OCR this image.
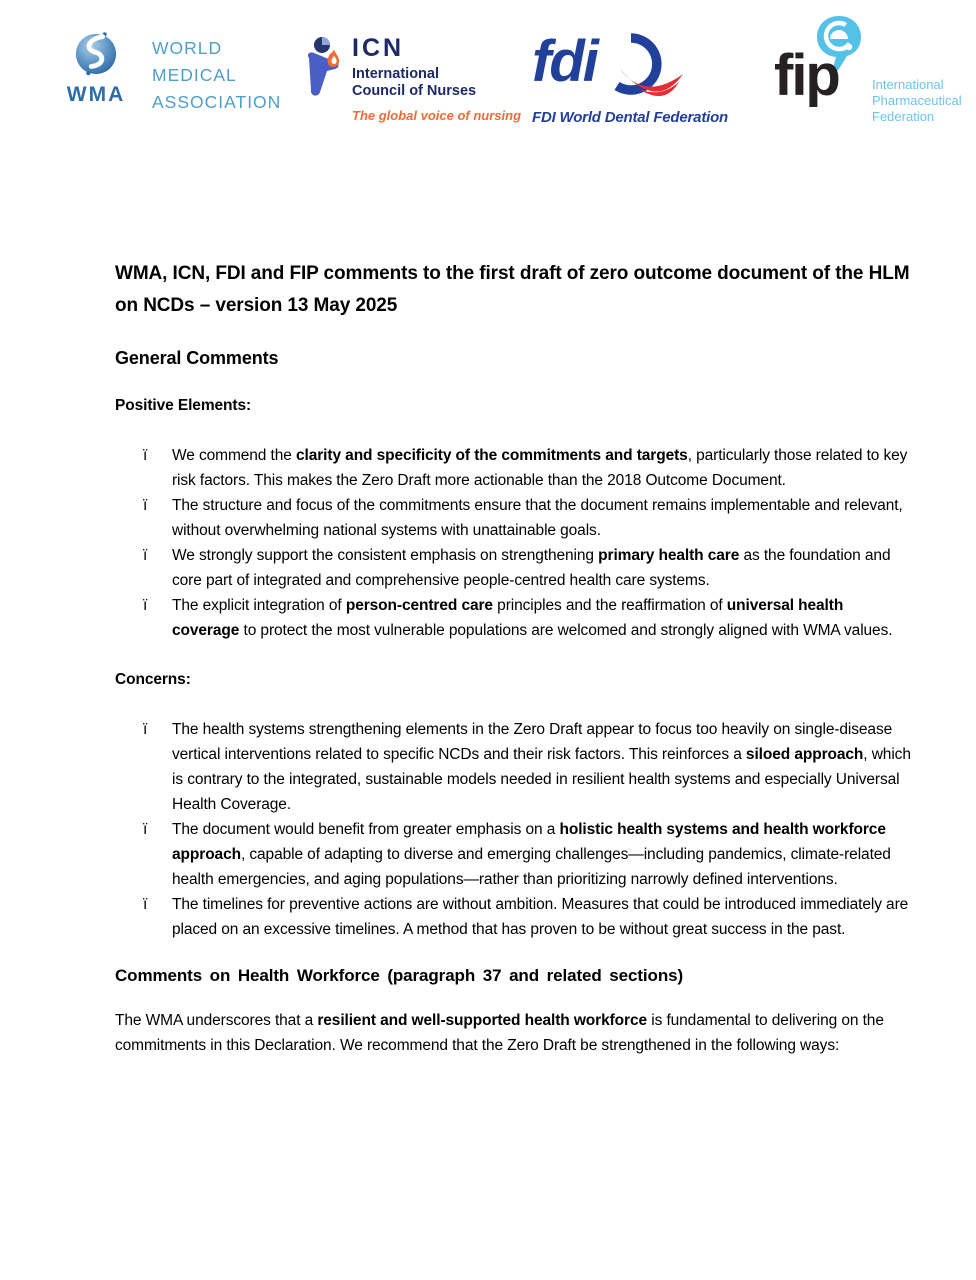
WMA
WORLD
MEDICAL
ASSOCIATION
ICN
International
Council of Nurses
The global voice of nursing
fdi
FDI World Dental Federation
fip	International
Pharmaceutical
Federation

WMA, ICN, FDI and FIP comments to the first draft of zero outcome document of the HLM on NCDs – version 13 May 2025

General Comments
Positive Elements:
ï	We commend the clarity and specificity of the commitments and targets, particularly those related to key risk factors. This makes the Zero Draft more actionable than the 2018 Outcome Document.
ï	The structure and focus of the commitments ensure that the document remains implementable and relevant, without overwhelming national systems with unattainable goals.
ï	We strongly support the consistent emphasis on strengthening primary health care as the foundation and core part of integrated and comprehensive people-centred health care systems.
ï	The explicit integration of person-centred care principles and the reaffirmation of universal health coverage to protect the most vulnerable populations are welcomed and strongly aligned with WMA values.
Concerns:
ï	The health systems strengthening elements in the Zero Draft appear to focus too heavily on single-disease vertical interventions related to specific NCDs and their risk factors. This reinforces a siloed approach, which is contrary to the integrated, sustainable models needed in resilient health systems and especially Universal Health Coverage.
ï	The document would benefit from greater emphasis on a holistic health systems and health workforce approach, capable of adapting to diverse and emerging challenges—including pandemics, climate-related health emergencies, and aging populations—rather than prioritizing narrowly defined interventions.
ï	The timelines for preventive actions are without ambition. Measures that could be introduced immediately are placed on an excessive timelines. A method that has proven to be without great success in the past.
Comments on Health Workforce (paragraph 37 and related sections)

The WMA underscores that a resilient and well-supported health workforce is fundamental to delivering on the commitments in this Declaration. We recommend that the Zero Draft be strengthened in the following ways:
